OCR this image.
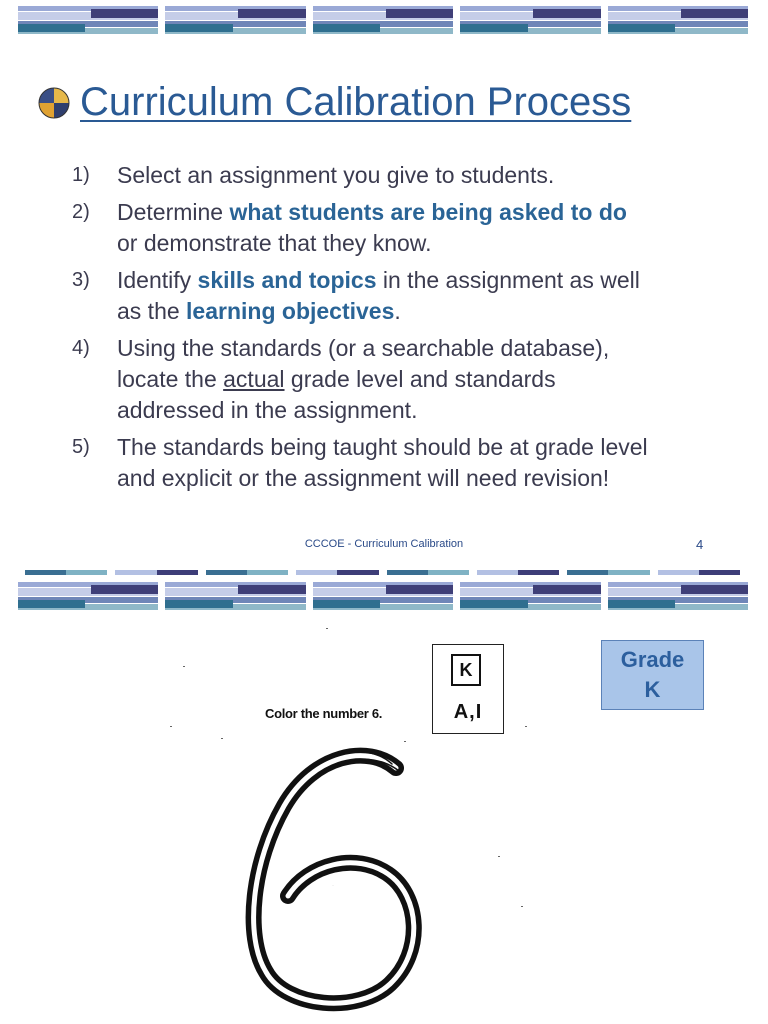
Curriculum Calibration Process
1)	Select an assignment you give to students.
2)	Determine what students are being asked to do
or demonstrate that they know.
3)	Identify skills and topics in the assignment as well
as the learning objectives.
4)	Using the standards (or a searchable database),
locate the actual grade level and standards
addressed in the assignment.
5)	The standards being taught should be at grade level
and explicit or the assignment will need revision!
CCCOE - Curriculum Calibration	4
Color the number 6.
K
A,I
Grade
K
6
